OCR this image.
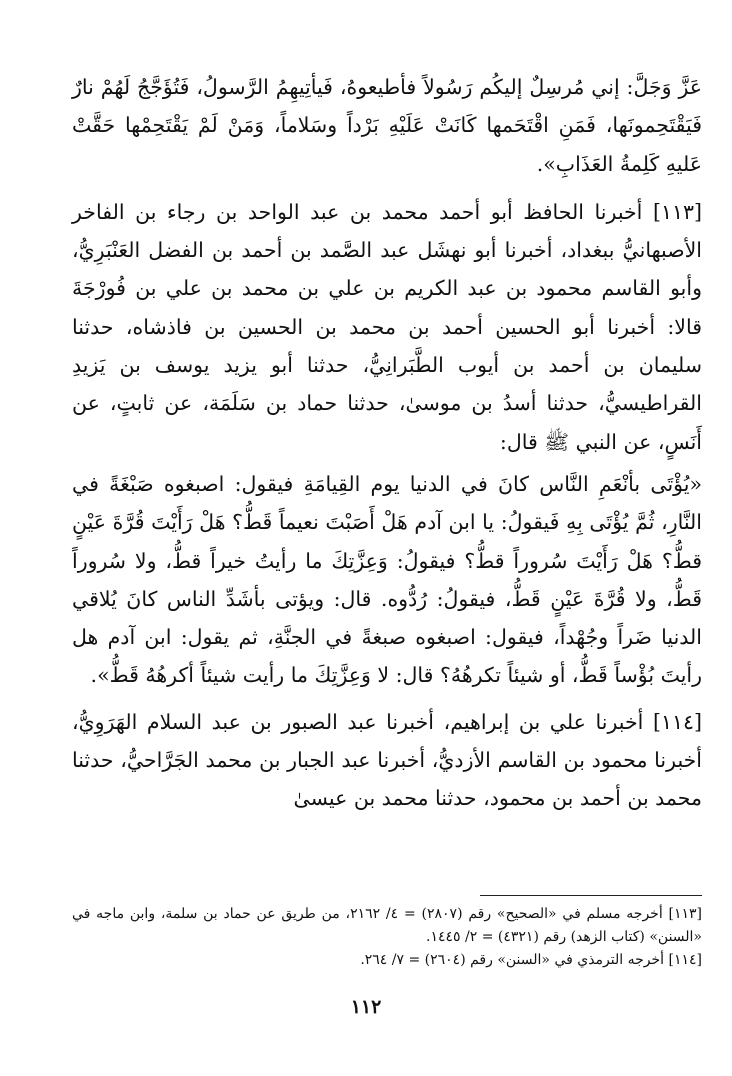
عَزَّ وَجَلَّ: إني مُرسِلٌ إليكُم رَسُولاً فأطيعوهُ، فَيأتِيهِمُ الرَّسولُ، فَتُؤَجَّجُ لَهُمْ نارٌ فَيَقْتَحِمونَها، فَمَنِ اقْتَحَمها كَانَتْ عَلَيْهِ بَرْداً وسَلاماً، وَمَنْ لَمْ يَقْتَحِمْها حَقَّتْ عَليهِ كَلِمةُ العَذَابِ».

[١١٣] أخبرنا الحافظ أبو أحمد محمد بن عبد الواحد بن رجاء بن الفاخر الأصبهانيُّ ببغداد، أخبرنا أبو نهشَل عبد الصَّمد بن أحمد بن الفضل العَنْبَرِيُّ، وأبو القاسم محمود بن عبد الكريم بن علي بن محمد بن علي بن فُورْجَةَ قالا: أخبرنا أبو الحسين أحمد بن محمد بن الحسين بن فاذشاه، حدثنا سليمان بن أحمد بن أيوب الطَّبَرانِيُّ، حدثنا أبو يزيد يوسف بن يَزيدِ القراطيسيُّ، حدثنا أسدُ بن موسىٰ، حدثنا حماد بن سَلَمَة، عن ثابتٍ، عن أَنَسٍ، عن النبي ﷺ قال:

«يُؤْتَى بأنْعَمِ النَّاس كانَ في الدنيا يوم القِيامَةِ فيقول: اصبغوه صَبْغَةً في النَّارِ، ثُمَّ يُؤْتَى بِهِ فَيقولُ: يا ابن آدم هَلْ أَصَبْتَ نعيماً قَطُّ؟ هَلْ رَأَيْتَ قُرَّةَ عَيْنٍ قطُّ؟ هَلْ رَأَيْتَ سُروراً قطُّ؟ فيقولُ: وَعِزَّتِكَ ما رأيتُ خيراً قطُّ، ولا سُروراً قَطُّ، ولا قُرَّةَ عَيْنٍ قَطُّ، فيقولُ: رُدُّوه. قال: ويؤتى بأشَدِّ الناس كانَ يُلاقي الدنيا ضَراً وجُهْداً، فيقول: اصبغوه صبغةً في الجنَّةِ، ثم يقول: ابن آدم هل رأيتَ بُؤْساً قَطُّ، أو شيئاً تكرهُهُ؟ قال: لا وَعِزَّتِكَ ما رأيت شيئاً أكرهُهُ قَطُّ».

[١١٤] أخبرنا علي بن إبراهيم، أخبرنا عبد الصبور بن عبد السلام الهَرَوِيُّ، أخبرنا محمود بن القاسم الأزديُّ، أخبرنا عبد الجبار بن محمد الجَرَّاحيُّ، حدثنا محمد بن أحمد بن محمود، حدثنا محمد بن عيسىٰ

[١١٣] أخرجه مسلم في «الصحيح» رقم (٢٨٠٧) = ٤/ ٢١٦٢، من طريق عن حماد بن سلمة، وابن ماجه في «السنن» (كتاب الزهد) رقم (٤٣٢١) = ٢/ ١٤٤٥.

[١١٤] أخرجه الترمذي في «السنن» رقم (٢٦٠٤) = ٧/ ٢٦٤.

١١٢
